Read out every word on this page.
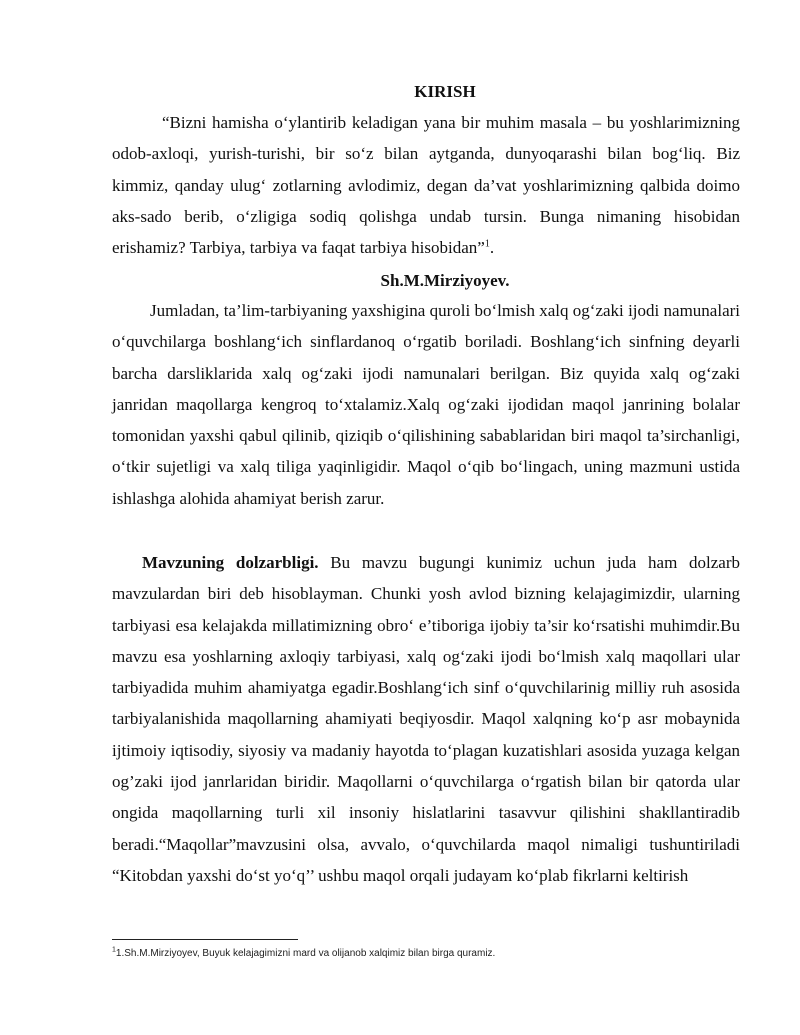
KIRISH
“Bizni hamisha o‘ylantirib keladigan yana bir muhim masala – bu yoshlarimizning odob-axloqi, yurish-turishi, bir so‘z bilan aytganda, dunyoqarashi bilan bog‘liq. Biz kimmiz, qanday ulug‘ zotlarning avlodimiz, degan da’vat yoshlarimizning qalbida doimo aks-sado berib, o‘zligiga sodiq qolishga undab tursin. Bunga nimaning hisobidan erishamiz? Tarbiya, tarbiya va faqat tarbiya hisobidan”$^1$.
Sh.M.Mirziyoyev.
Jumladan, ta’lim-tarbiyaning yaxshigina quroli bo‘lmish xalq og‘zaki ijodi namunalari o‘quvchilarga boshlang‘ich sinflardanoq o‘rgatib boriladi. Boshlang‘ich sinfning deyarli barcha darsliklarida xalq og‘zaki ijodi namunalari berilgan. Biz quyida xalq og‘zaki janridan maqollarga kengroq to‘xtalamiz.Xalq og‘zaki ijodidan maqol janrining bolalar tomonidan yaxshi qabul qilinib, qiziqib o‘qilishining sabablaridan biri maqol ta’sirchanligi, o‘tkir sujetligi va xalq tiliga yaqinligidir. Maqol o‘qib bo‘lingach, uning mazmuni ustida ishlashga alohida ahamiyat berish zarur.
Mavzuning dolzarbligi. Bu mavzu bugungi kunimiz uchun juda ham dolzarb mavzulardan biri deb hisoblayman. Chunki yosh avlod bizning kelajagimizdir, ularning tarbiyasi esa kelajakda millatimizning obro‘ e’tiboriga ijobiy ta’sir ko‘rsatishi muhimdir.Bu mavzu esa yoshlarning axloqiy tarbiyasi, xalq og‘zaki ijodi bo‘lmish xalq maqollari ular tarbiyadida muhim ahamiyatga egadir.Boshlang‘ich sinf o‘quvchilarinig milliy ruh asosida tarbiyalanishida maqollarning ahamiyati beqiyosdir. Maqol xalqning ko‘p asr mobaynida ijtimoiy iqtisodiy, siyosiy va madaniy hayotda to‘plagan kuzatishlari asosida yuzaga kelgan og’zaki ijod janrlaridan biridir. Maqollarni o‘quvchilarga o‘rgatish bilan bir qatorda ular ongida maqollarning turli xil insoniy hislatlarini tasavvur qilishini shakllantiradib beradi.“Maqollar”mavzusini olsa, avvalo, o‘quvchilarda maqol nimaligi tushuntiriladi “Kitobdan yaxshi do‘st yo‘q’’ ushbu maqol orqali judayam ko‘plab fikrlarni keltirish
$^1$1.Sh.M.Mirziyoyev, Buyuk kelajagimizni mard va olijanob xalqimiz bilan birga quramiz.
